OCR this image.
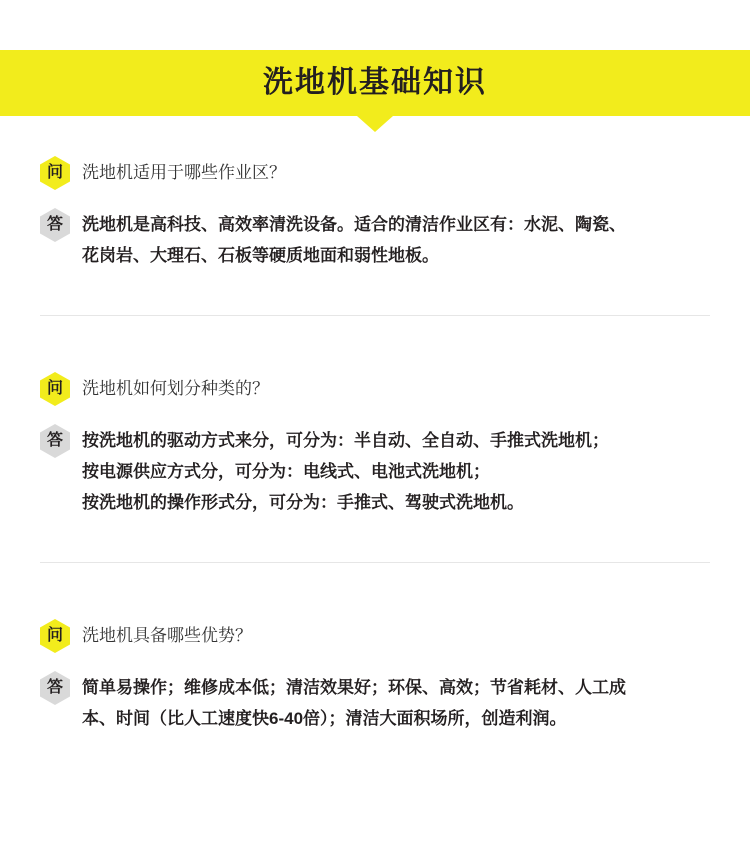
洗地机基础知识
问	洗地机适用于哪些作业区？
答	洗地机是高科技、高效率清洗设备。适合的清洁作业区有：水泥、陶瓷、
花岗岩、大理石、石板等硬质地面和弱性地板。
问	洗地机如何划分种类的？
答	按洗地机的驱动方式来分，可分为：半自动、全自动、手推式洗地机；
按电源供应方式分，可分为：电线式、电池式洗地机；
按洗地机的操作形式分，可分为：手推式、驾驶式洗地机。
问	洗地机具备哪些优势？
答	简单易操作；维修成本低；清洁效果好；环保、高效；节省耗材、人工成
本、时间（比人工速度快6-40倍）；清洁大面积场所，创造利润。
